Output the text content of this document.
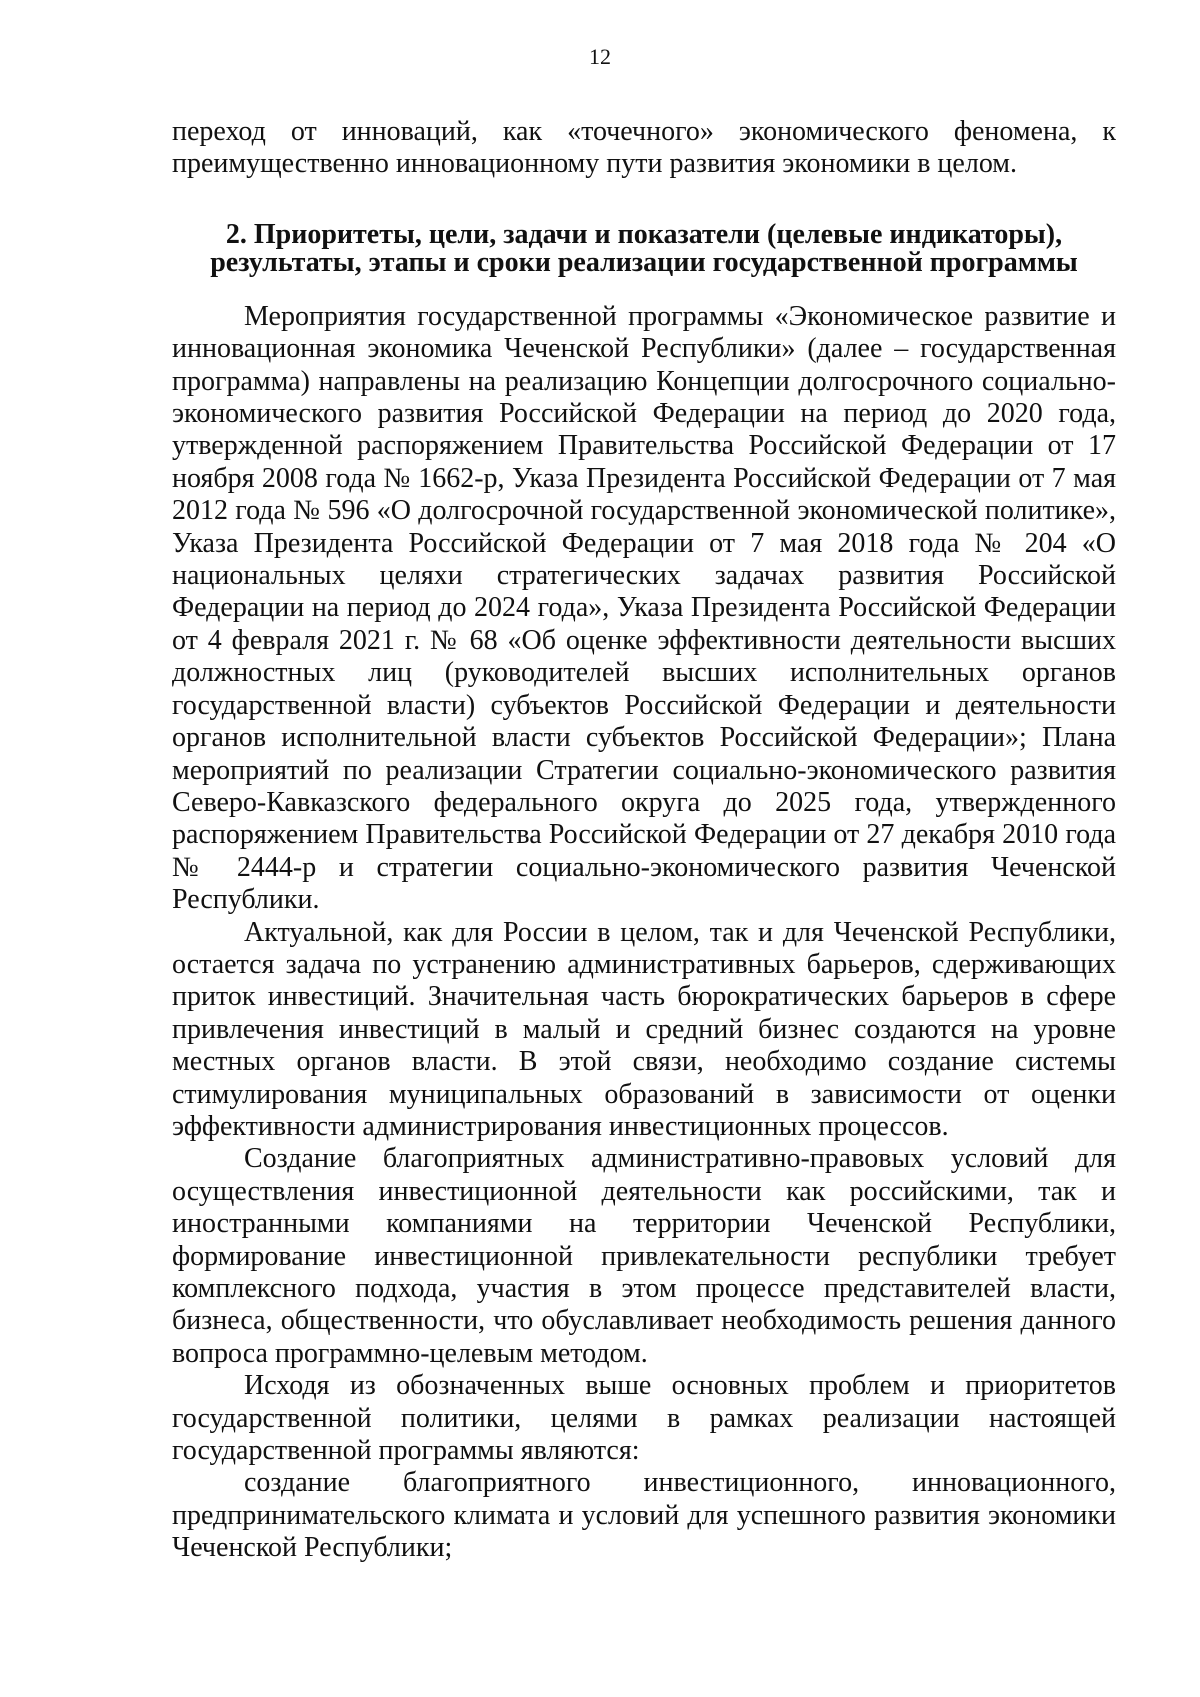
12

переход от инноваций, как «точечного» экономического феномена, к преимущественно инновационному пути развития экономики в целом.

2. Приоритеты, цели, задачи и показатели (целевые индикаторы),
результаты, этапы и сроки реализации государственной программы

Мероприятия государственной программы «Экономическое развитие и инновационная экономика Чеченской Республики» (далее – государственная программа) направлены на реализацию Концепции долгосрочного социально-экономического развития Российской Федерации на период до 2020 года, утвержденной распоряжением Правительства Российской Федерации от 17 ноября 2008 года № 1662-р, Указа Президента Российской Федерации от 7 мая 2012 года № 596 «О долгосрочной государственной экономической политике», Указа Президента Российской Федерации от 7 мая 2018 года № 204 «О национальных целяхи стратегических задачах развития Российской Федерации на период до 2024 года», Указа Президента Российской Федерации от 4 февраля 2021 г. № 68 «Об оценке эффективности деятельности высших должностных лиц (руководителей высших исполнительных органов государственной власти) субъектов Российской Федерации и деятельности органов исполнительной власти субъектов Российской Федерации»; Плана мероприятий по реализации Стратегии социально-экономического развития Северо-Кавказского федерального округа до 2025 года, утвержденного распоряжением Правительства Российской Федерации от 27 декабря 2010 года № 2444-р и стратегии социально-экономического развития Чеченской Республики.

Актуальной, как для России в целом, так и для Чеченской Республики, остается задача по устранению административных барьеров, сдерживающих приток инвестиций. Значительная часть бюрократических барьеров в сфере привлечения инвестиций в малый и средний бизнес создаются на уровне местных органов власти. В этой связи, необходимо создание системы стимулирования муниципальных образований в зависимости от оценки эффективности администрирования инвестиционных процессов.

Создание благоприятных административно-правовых условий для осуществления инвестиционной деятельности как российскими, так и иностранными компаниями на территории Чеченской Республики, формирование инвестиционной привлекательности республики требует комплексного подхода, участия в этом процессе представителей власти, бизнеса, общественности, что обуславливает необходимость решения данного вопроса программно-целевым методом.

Исходя из обозначенных выше основных проблем и приоритетов государственной политики, целями в рамках реализации настоящей государственной программы являются:

создание благоприятного инвестиционного, инновационного, предпринимательского климата и условий для успешного развития экономики Чеченской Республики;
